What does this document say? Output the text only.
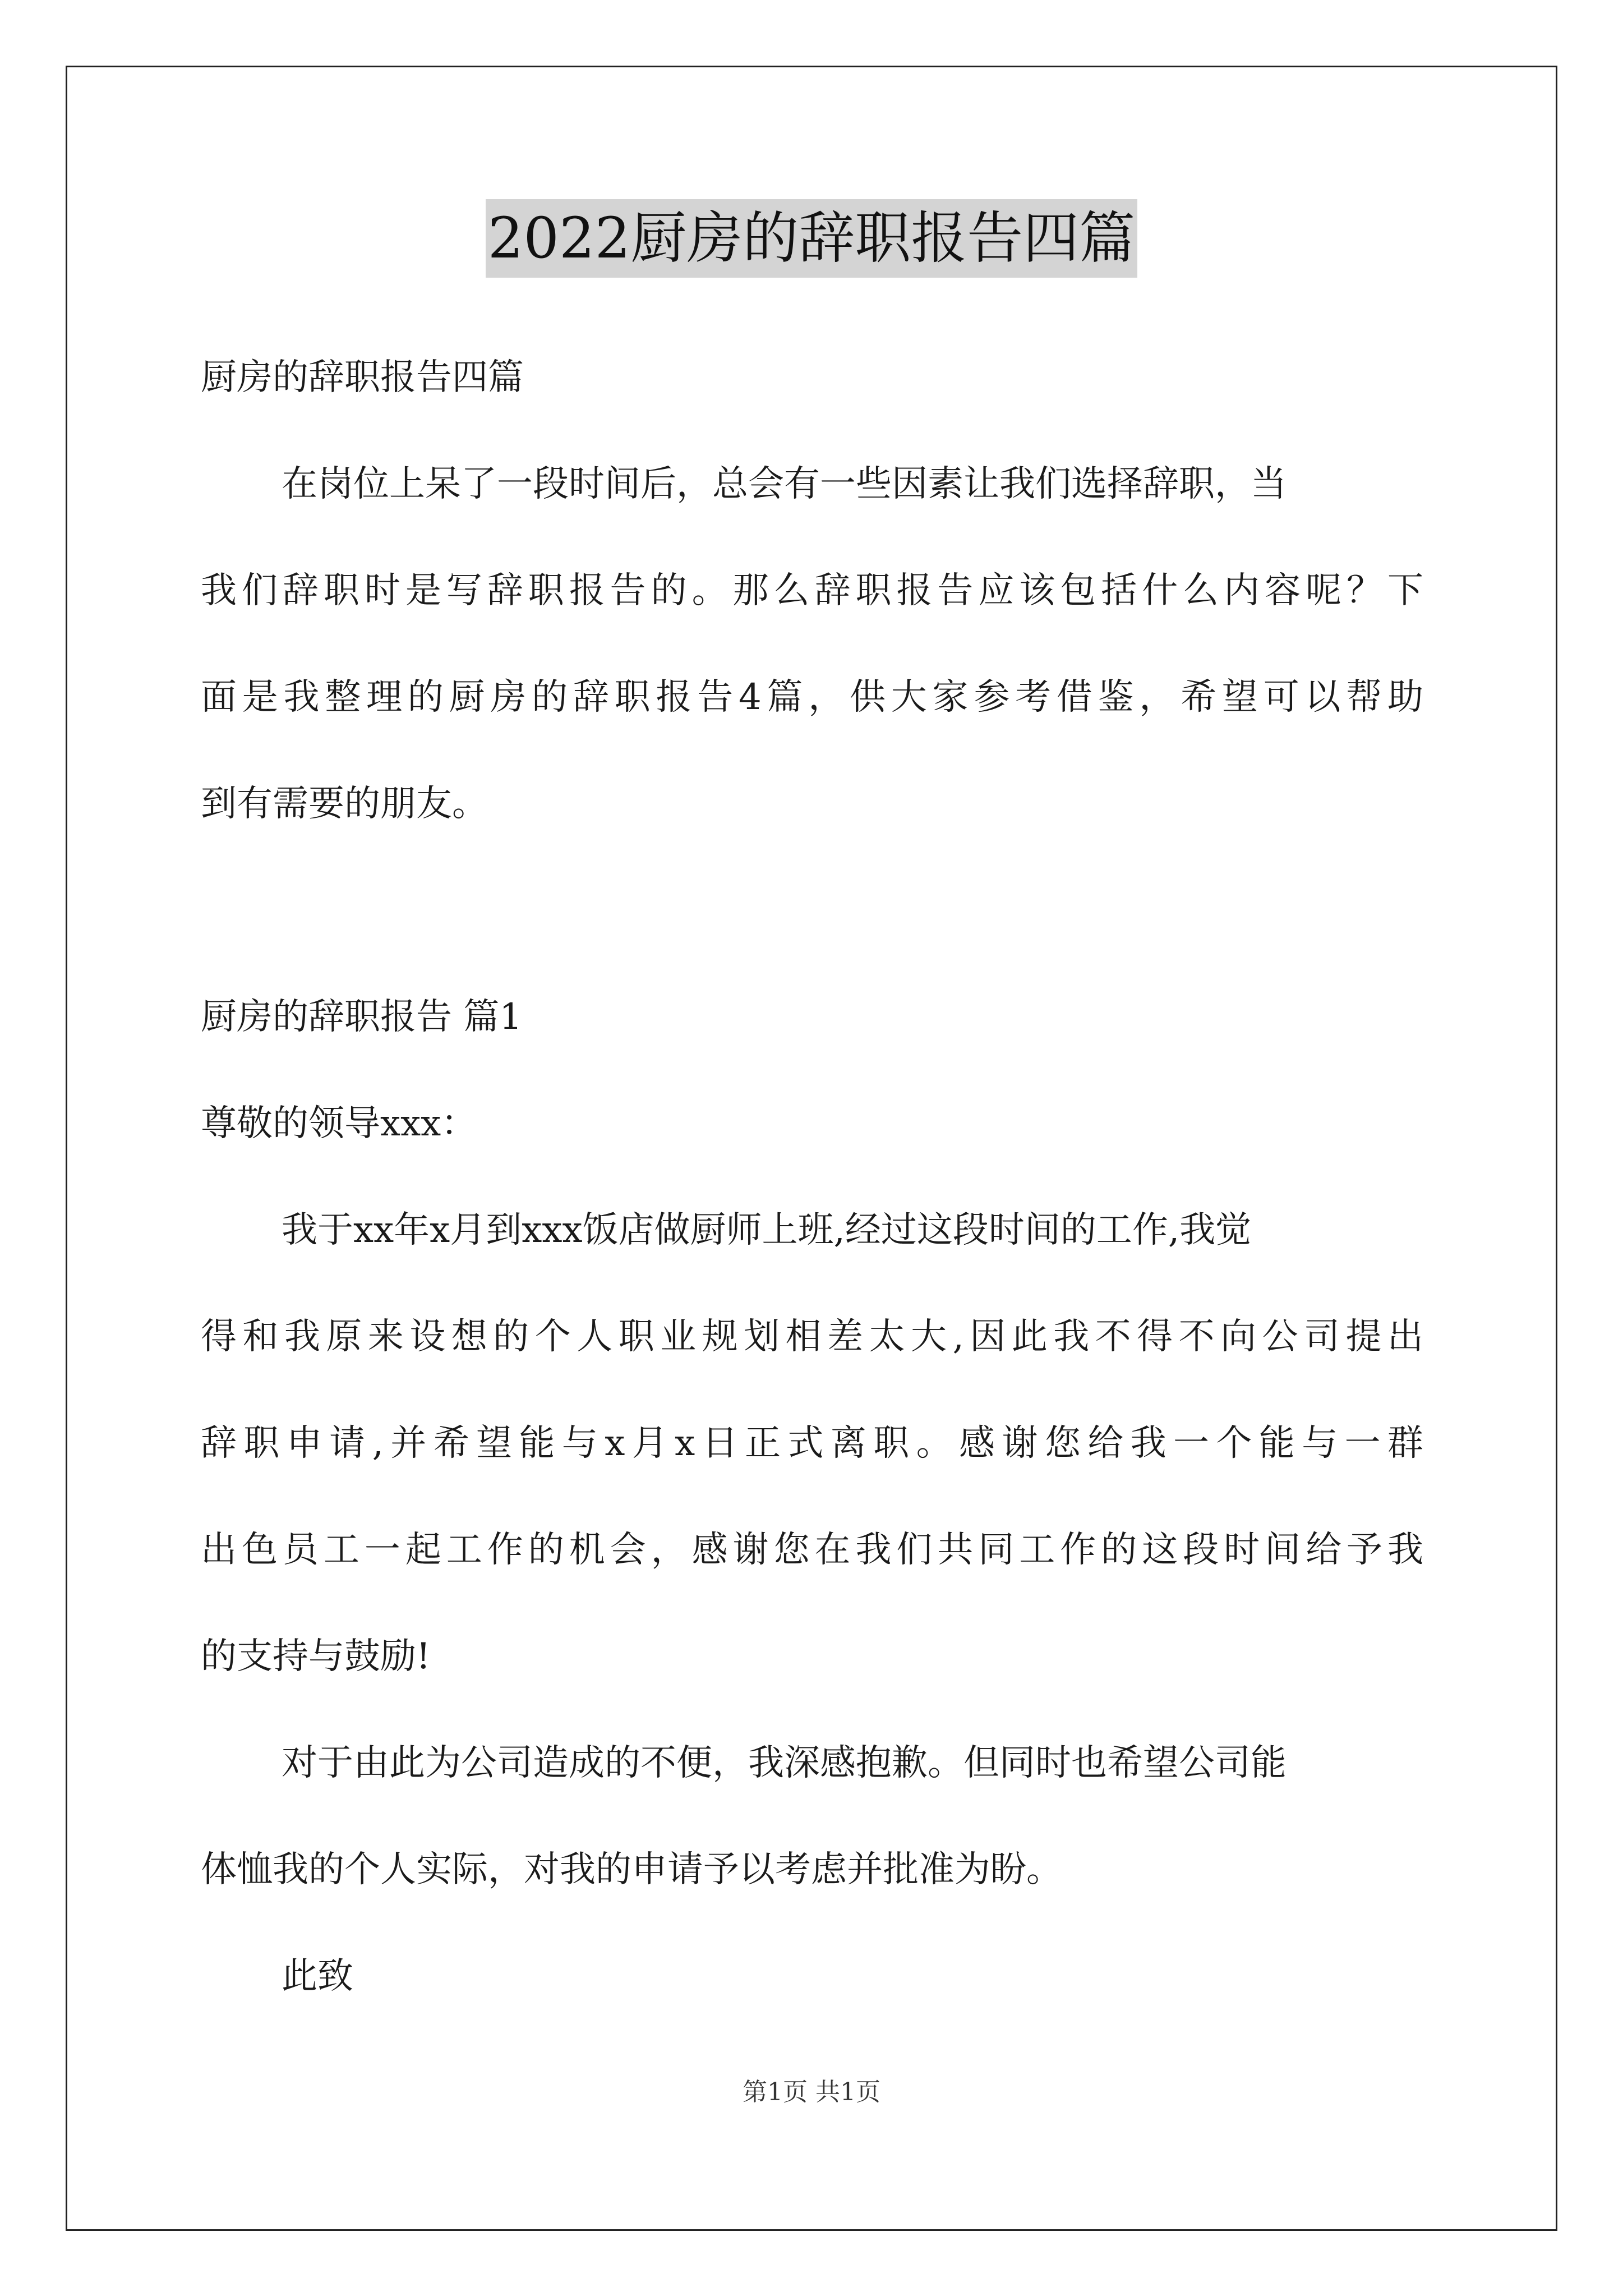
2022厨房的辞职报告四篇
厨房的辞职报告四篇
在岗位上呆了一段时间后，总会有一些因素让我们选择辞职，当
我们辞职时是写辞职报告的。那么辞职报告应该包括什么内容呢？下
面是我整理的厨房的辞职报告4篇，供大家参考借鉴，希望可以帮助
到有需要的朋友。
厨房的辞职报告 篇1
尊敬的领导xxx：
我于xx年x月到xxx饭店做厨师上班,经过这段时间的工作,我觉
得和我原来设想的个人职业规划相差太大,因此我不得不向公司提出
辞职申请,并希望能与x月x日正式离职。感谢您给我一个能与一群
出色员工一起工作的机会，感谢您在我们共同工作的这段时间给予我
的支持与鼓励!
对于由此为公司造成的不便，我深感抱歉。但同时也希望公司能
体恤我的个人实际，对我的申请予以考虑并批准为盼。
此致
第1页 共1页
